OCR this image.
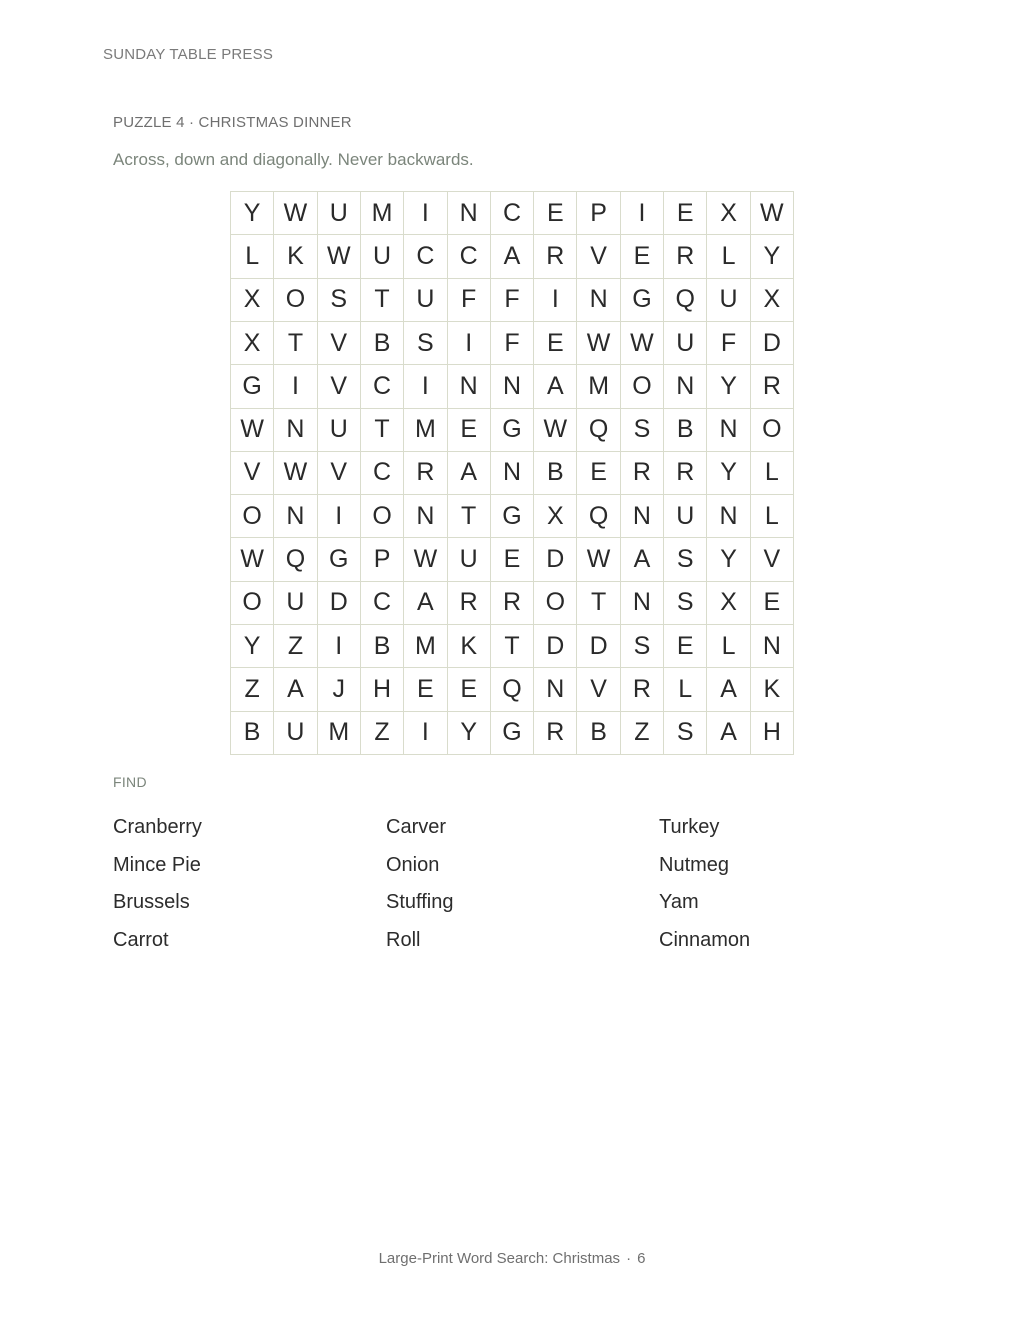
SUNDAY TABLE PRESS
PUZZLE 4 · CHRISTMAS DINNER
Across, down and diagonally. Never backwards.
Y W U M	I	N	C	E	P	I	E	X W
L	K W U	C	C	A	R	V	E	R	L	Y
X	O	S	T	U	F	F	I	N G Q U	X
X	T	V	B	S	I	F	E W W U	F	D
G	I	V	C	I	N	N	A M O N	Y	R
W N	U	T	M E	G W Q	S	B	N O
V W V	C	R	A	N	B	E	R	R	Y	L
O N	I	O N	T	G	X	Q N	U	N	L
W Q G	P W U	E	D W A	S	Y	V
O U	D	C	A	R	R O	T	N	S	X	E
Y	Z	I	B M K	T	D	D	S	E	L	N
Z	A	J	H	E	E	Q N	V	R	L	A	K
B	U M	Z	I	Y	G R	B	Z	S	A	H
FIND
Cranberry	Carver	Turkey
Mince Pie	Onion	Nutmeg
Brussels	Stuffing	Yam
Carrot	Roll	Cinnamon
Large-Print Word Search: Christmas · 6
